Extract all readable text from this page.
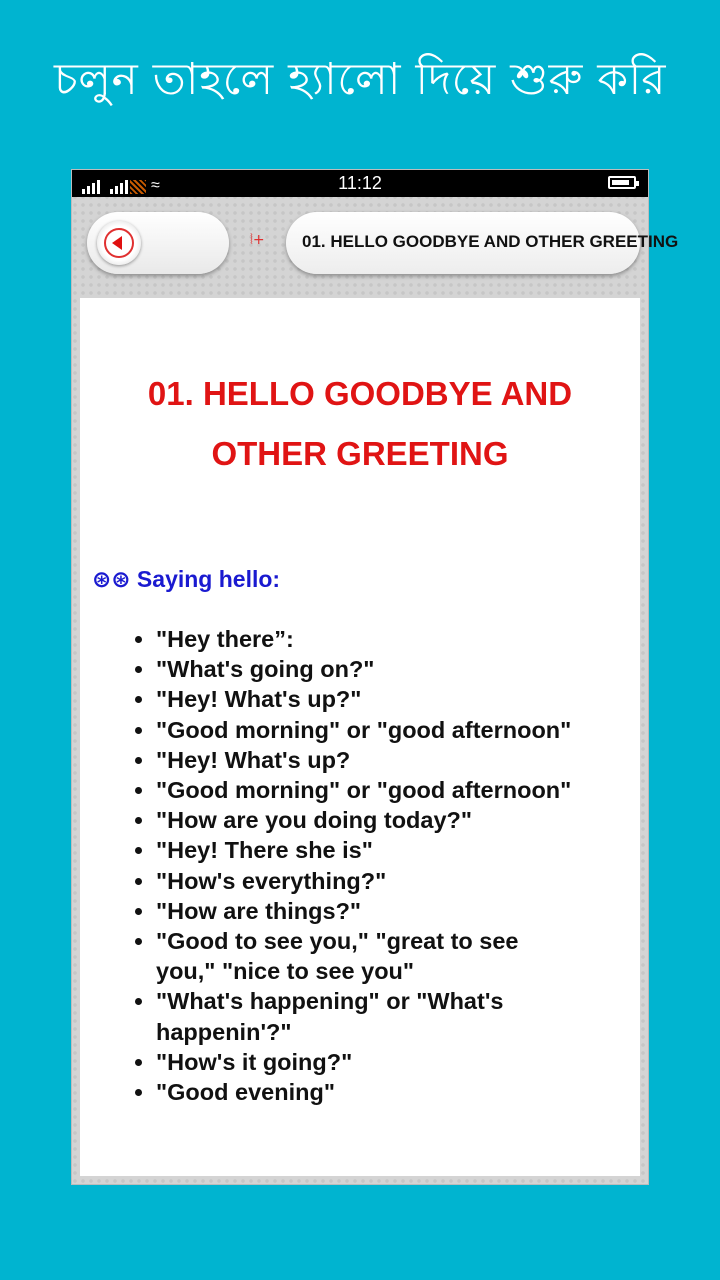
চলুন তাহলে হ্যালো দিয়ে শুরু করি
≈	11:12
⦚+	01. HELLO GOODBYE AND OTHER GREETING
01. HELLO GOODBYE AND
OTHER GREETING
⊛⊛ Saying hello:
• "Hey there”:
• "What's going on?"
• "Hey! What's up?"
• "Good morning" or "good afternoon"
• "Hey! What's up?
• "Good morning" or "good afternoon"
• "How are you doing today?"
• "Hey! There she is"
• "How's everything?"
• "How are things?"
• "Good to see you," "great to see you," "nice to see you"
• "What's happening" or "What's happenin'?"
• "How's it going?"
• "Good evening"
